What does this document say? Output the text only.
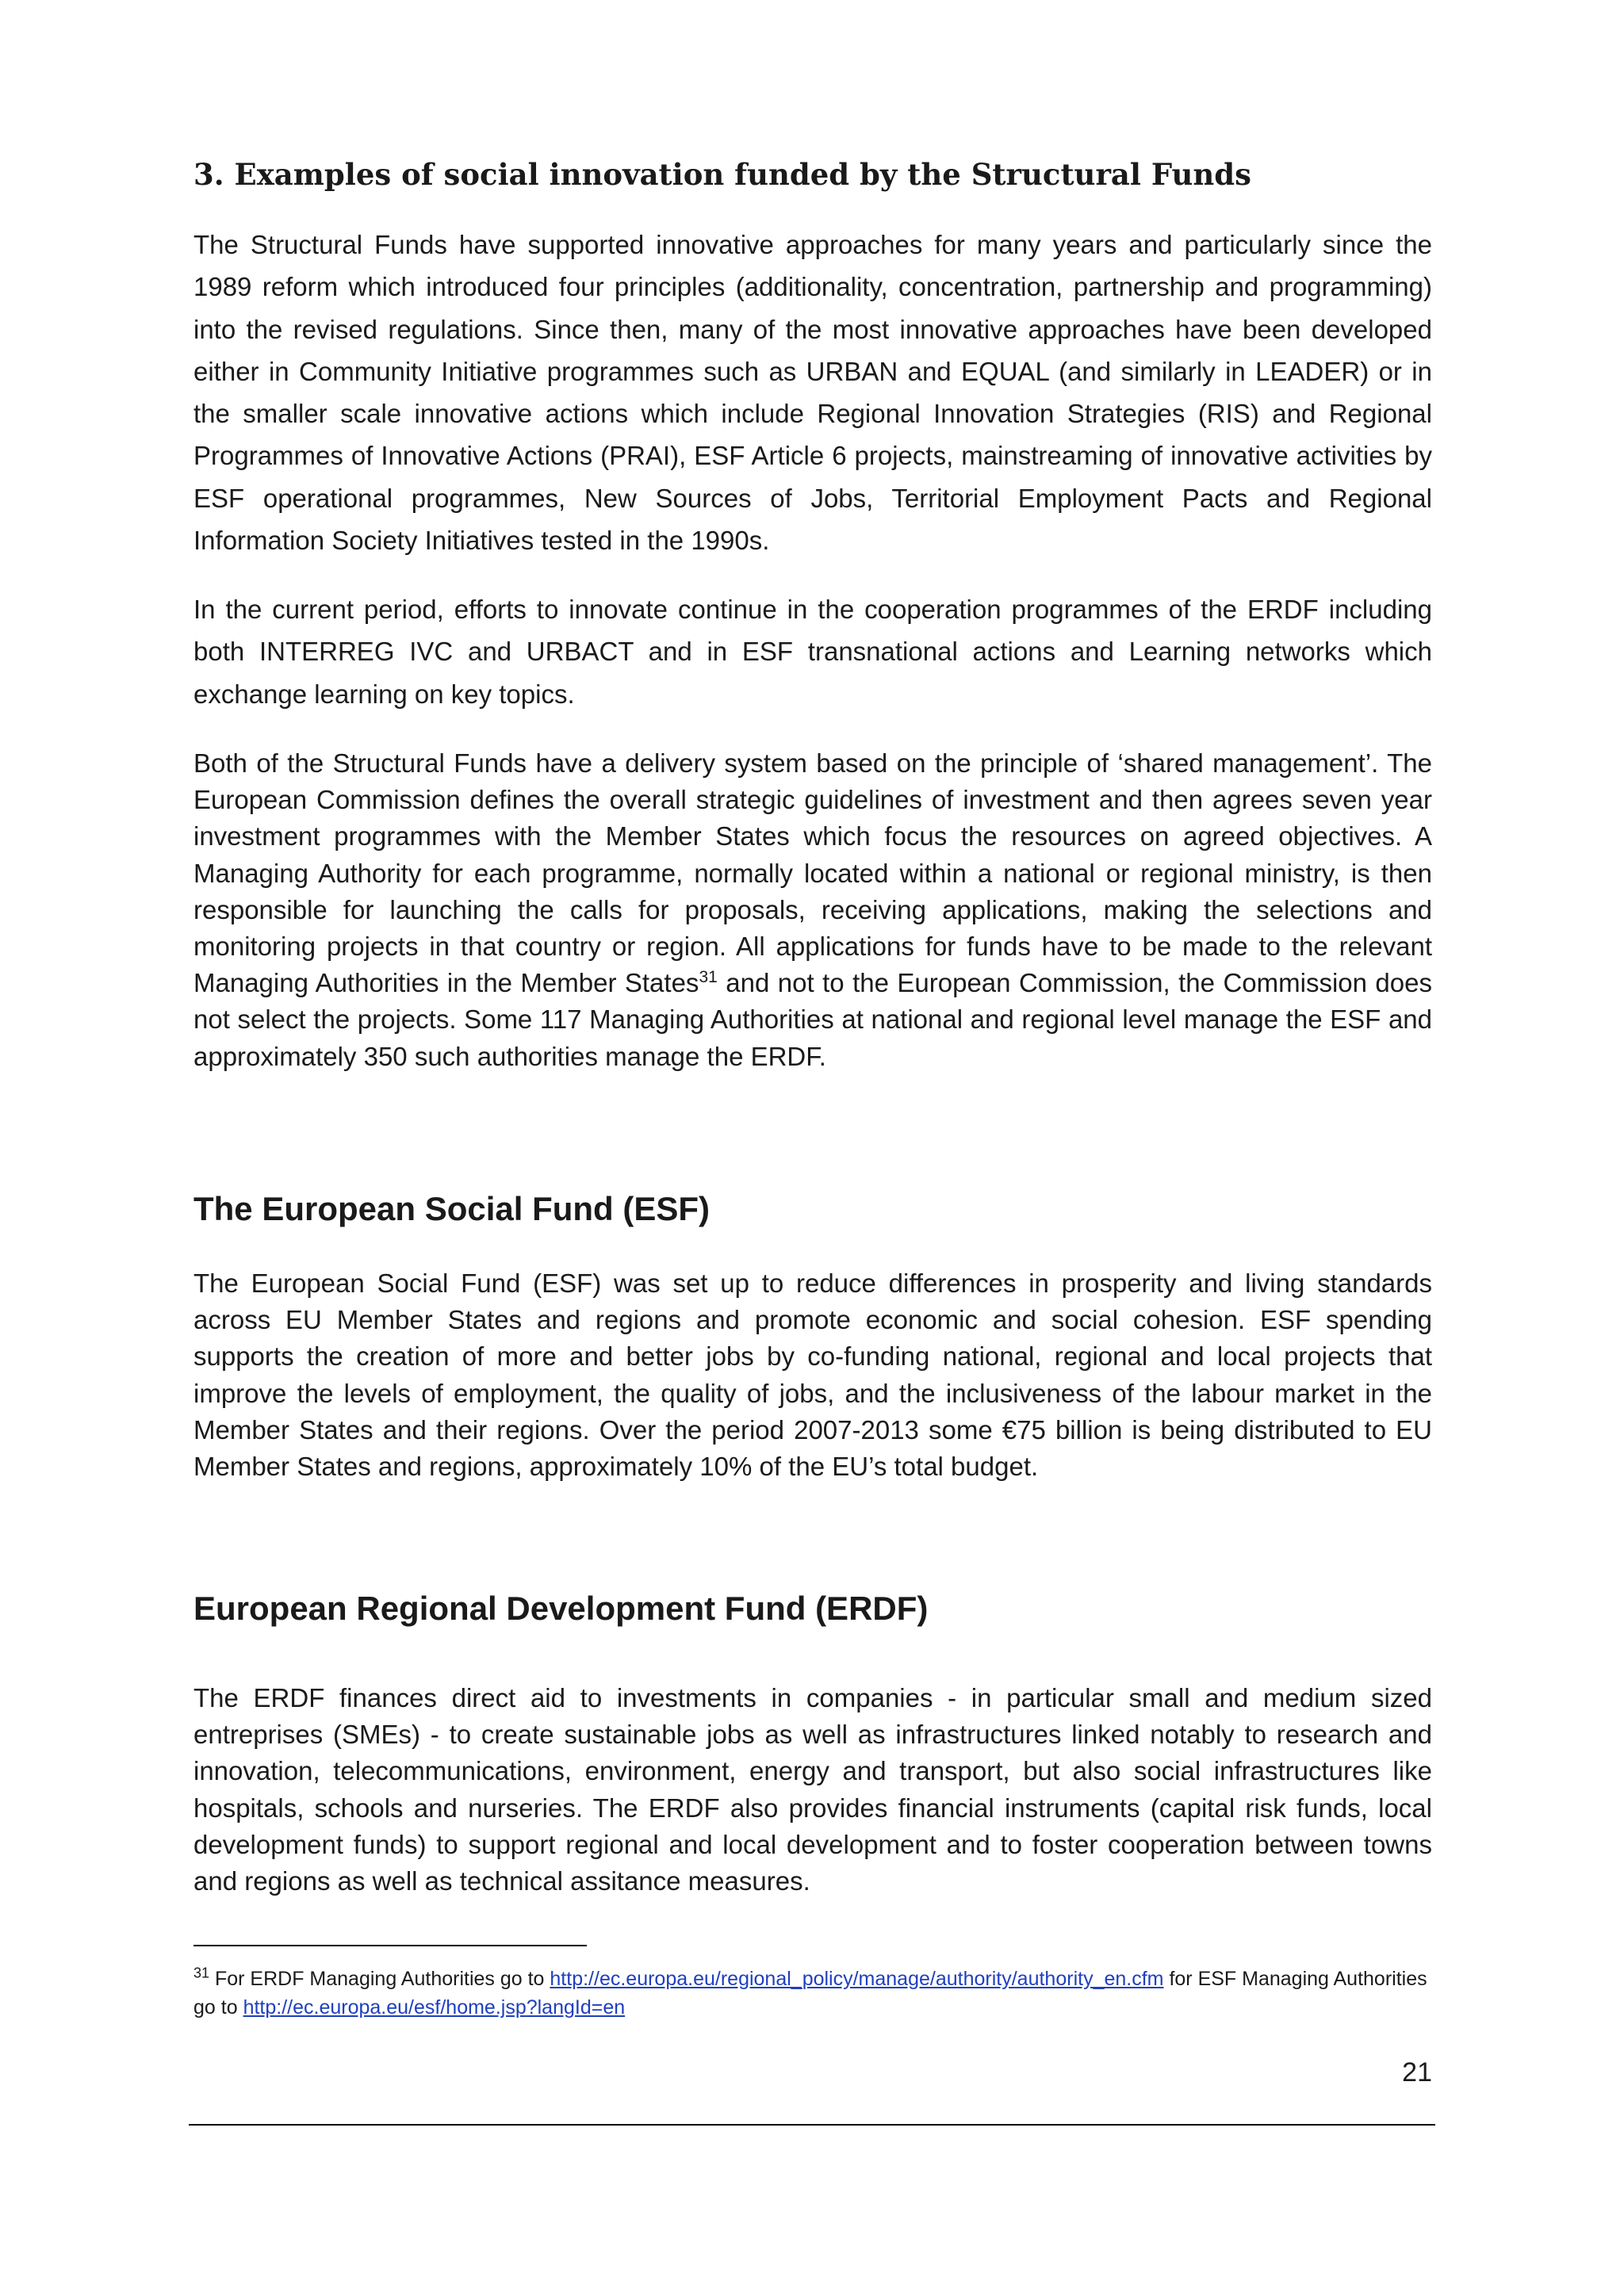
3. Examples of social innovation funded by the Structural Funds

The Structural Funds have supported innovative approaches for many years and particularly since the 1989 reform which introduced four principles (additionality, concentration, partnership and programming) into the revised regulations. Since then, many of the most innovative approaches have been developed either in Community Initiative programmes such as URBAN and EQUAL (and similarly in LEADER) or in the smaller scale innovative actions which include Regional Innovation Strategies (RIS) and Regional Programmes of Innovative Actions (PRAI), ESF Article 6 projects, mainstreaming of innovative activities by ESF operational programmes, New Sources of Jobs, Territorial Employment Pacts and Regional Information Society Initiatives tested in the 1990s.

In the current period, efforts to innovate continue in the cooperation programmes of the ERDF including both INTERREG IVC and URBACT and in ESF transnational actions and Learning networks which exchange learning on key topics.

Both of the Structural Funds have a delivery system based on the principle of ‘shared management’. The European Commission defines the overall strategic guidelines of investment and then agrees seven year investment programmes with the Member States which focus the resources on agreed objectives. A Managing Authority for each programme, normally located within a national or regional ministry, is then responsible for launching the calls for proposals, receiving applications, making the selections and monitoring projects in that country or region. All applications for funds have to be made to the relevant Managing Authorities in the Member States$^{31}$ and not to the European Commission, the Commission does not select the projects. Some 117 Managing Authorities at national and regional level manage the ESF and approximately 350 such authorities manage the ERDF.

The European Social Fund (ESF)

The European Social Fund (ESF) was set up to reduce differences in prosperity and living standards across EU Member States and regions and promote economic and social cohesion. ESF spending supports the creation of more and better jobs by co-funding national, regional and local projects that improve the levels of employment, the quality of jobs, and the inclusiveness of the labour market in the Member States and their regions. Over the period 2007-2013 some €75 billion is being distributed to EU Member States and regions, approximately 10% of the EU’s total budget.

European Regional Development Fund (ERDF)

The ERDF finances direct aid to investments in companies - in particular small and medium sized entreprises (SMEs) - to create sustainable jobs as well as infrastructures linked notably to research and innovation, telecommunications, environment, energy and transport, but also social infrastructures like hospitals, schools and nurseries. The ERDF also provides financial instruments (capital risk funds, local development funds) to support regional and local development and to foster cooperation between towns and regions as well as technical assitance measures.

$^{31}$ For ERDF Managing Authorities go to http://ec.europa.eu/regional_policy/manage/authority/authority_en.cfm for ESF Managing Authorities go to http://ec.europa.eu/esf/home.jsp?langId=en
21
